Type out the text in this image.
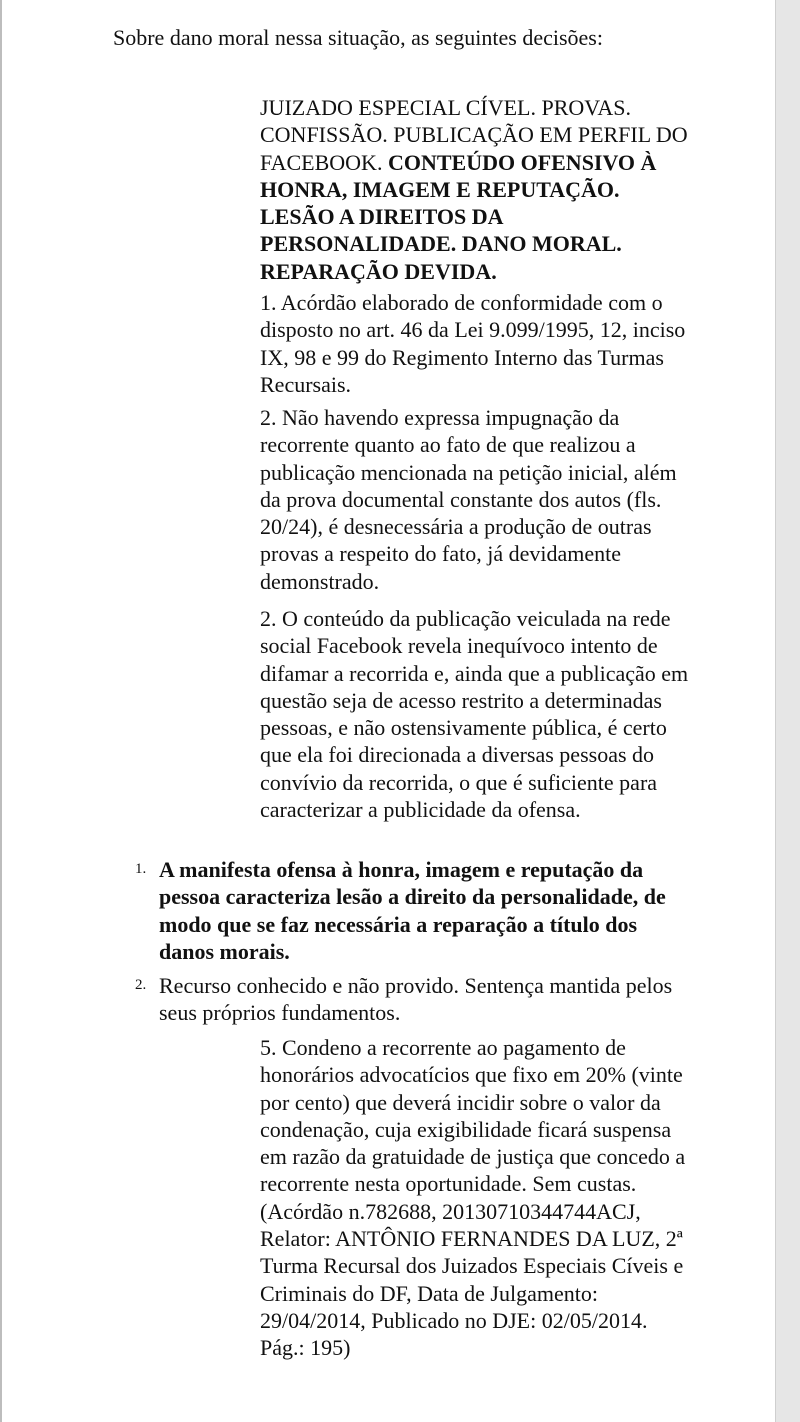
Sobre dano moral nessa situação, as seguintes decisões:

JUIZADO ESPECIAL CÍVEL. PROVAS. CONFISSÃO. PUBLICAÇÃO EM PERFIL DO FACEBOOK. CONTEÚDO OFENSIVO À HONRA, IMAGEM E REPUTAÇÃO. LESÃO A DIREITOS DA PERSONALIDADE. DANO MORAL. REPARAÇÃO DEVIDA.

1. Acórdão elaborado de conformidade com o disposto no art. 46 da Lei 9.099/1995, 12, inciso IX, 98 e 99 do Regimento Interno das Turmas Recursais.

2. Não havendo expressa impugnação da recorrente quanto ao fato de que realizou a publicação mencionada na petição inicial, além da prova documental constante dos autos (fls. 20/24), é desnecessária a produção de outras provas a respeito do fato, já devidamente demonstrado.

2. O conteúdo da publicação veiculada na rede social Facebook revela inequívoco intento de difamar a recorrida e, ainda que a publicação em questão seja de acesso restrito a determinadas pessoas, e não ostensivamente pública, é certo que ela foi direcionada a diversas pessoas do convívio da recorrida, o que é suficiente para caracterizar a publicidade da ofensa.

1. A manifesta ofensa à honra, imagem e reputação da pessoa caracteriza lesão a direito da personalidade, de modo que se faz necessária a reparação a título dos danos morais.
2. Recurso conhecido e não provido. Sentença mantida pelos seus próprios fundamentos.

5. Condeno a recorrente ao pagamento de honorários advocatícios que fixo em 20% (vinte por cento) que deverá incidir sobre o valor da condenação, cuja exigibilidade ficará suspensa em razão da gratuidade de justiça que concedo a recorrente nesta oportunidade. Sem custas. (Acórdão n.782688, 20130710344744ACJ, Relator: ANTÔNIO FERNANDES DA LUZ, 2ª Turma Recursal dos Juizados Especiais Cíveis e Criminais do DF, Data de Julgamento: 29/04/2014, Publicado no DJE: 02/05/2014. Pág.: 195)
